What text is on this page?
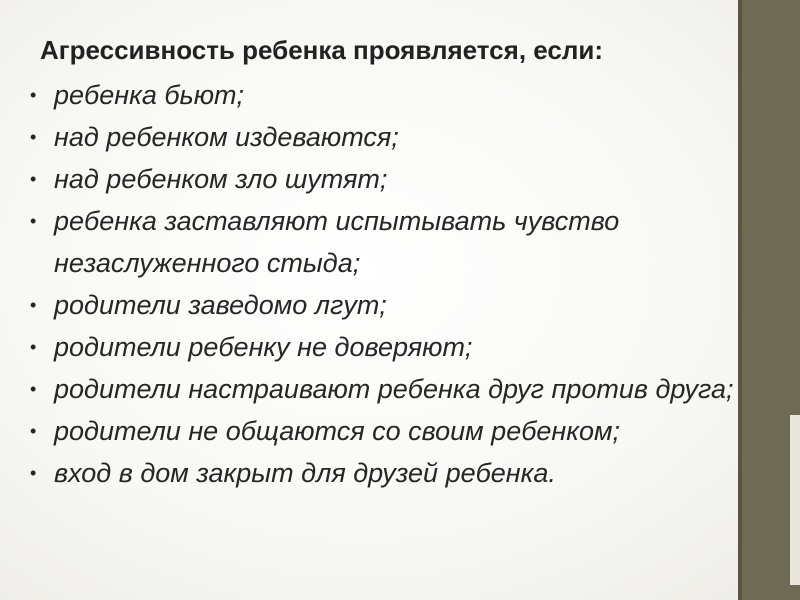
Агрессивность ребенка проявляется, если:
• ребенка бьют;
• над ребенком издеваются;
• над ребенком зло шутят;
• ребенка заставляют испытывать чувство незаслуженного стыда;
• родители заведомо лгут;
• родители ребенку не доверяют;
• родители настраивают ребенка друг против друга;
• родители не общаются со своим ребенком;
• вход в дом закрыт для друзей ребенка.
